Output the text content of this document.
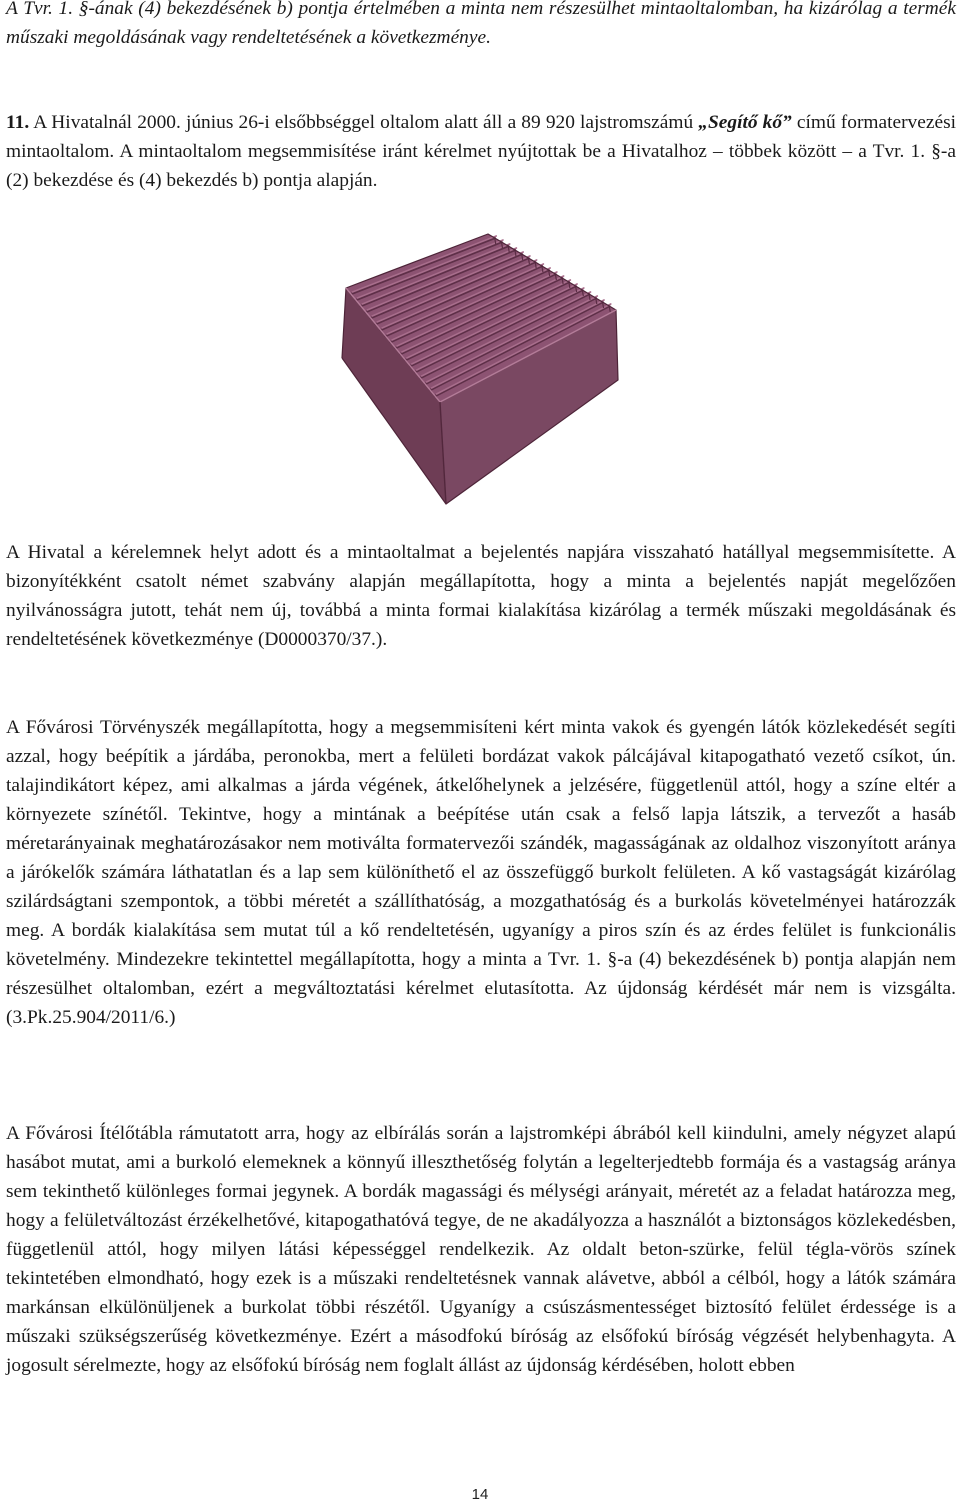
A Tvr. 1. §-ának (4) bekezdésének b) pontja értelmében a minta nem részesülhet mintaoltalomban, ha kizárólag a termék műszaki megoldásának vagy rendeltetésének a következménye.

11. A Hivatalnál 2000. június 26-i elsőbbséggel oltalom alatt áll a 89 920 lajstromszámú „Segítő kő” című formatervezési mintaoltalom. A mintaoltalom megsemmisítése iránt kérelmet nyújtottak be a Hivatalhoz – többek között – a Tvr. 1. §-a (2) bekezdése és (4) bekezdés b) pontja alapján.

A Hivatal a kérelemnek helyt adott és a mintaoltalmat a bejelentés napjára visszaható hatállyal megsemmisítette. A bizonyítékként csatolt német szabvány alapján megállapította, hogy a minta a bejelentés napját megelőzően nyilvánosságra jutott, tehát nem új, továbbá a minta formai kialakítása kizárólag a termék műszaki megoldásának és rendeltetésének következménye (D0000370/37.).

A Fővárosi Törvényszék megállapította, hogy a megsemmisíteni kért minta vakok és gyengén látók közlekedését segíti azzal, hogy beépítik a járdába, peronokba, mert a felületi bordázat vakok pálcájával kitapogatható vezető csíkot, ún. talajindikátort képez, ami alkalmas a járda végének, átkelőhelynek a jelzésére, függetlenül attól, hogy a színe eltér a környezete színétől. Tekintve, hogy a mintának a beépítése után csak a felső lapja látszik, a tervezőt a hasáb méretarányainak meghatározásakor nem motiválta formatervezői szándék, magasságának az oldalhoz viszonyított aránya a járókelők számára láthatatlan és a lap sem különíthető el az összefüggő burkolt felületen. A kő vastagságát kizárólag szilárdságtani szempontok, a többi méretét a szállíthatóság, a mozgathatóság és a burkolás követelményei határozzák meg. A bordák kialakítása sem mutat túl a kő rendeltetésén, ugyanígy a piros szín és az érdes felület is funkcionális követelmény. Mindezekre tekintettel megállapította, hogy a minta a Tvr. 1. §-a (4) bekezdésének b) pontja alapján nem részesülhet oltalomban, ezért a megváltoztatási kérelmet elutasította. Az újdonság kérdését már nem is vizsgálta. (3.Pk.25.904/2011/6.)

A Fővárosi Ítélőtábla rámutatott arra, hogy az elbírálás során a lajstromképi ábrából kell kiindulni, amely négyzet alapú hasábot mutat, ami a burkoló elemeknek a könnyű illeszthetőség folytán a legelterjedtebb formája és a vastagság aránya sem tekinthető különleges formai jegynek. A bordák magassági és mélységi arányait, méretét az a feladat határozza meg, hogy a felületváltozást érzékelhetővé, kitapogathatóvá tegye, de ne akadályozza a használót a biztonságos közlekedésben, függetlenül attól, hogy milyen látási képességgel rendelkezik. Az oldalt beton-szürke, felül tégla-vörös színek tekintetében elmondható, hogy ezek is a műszaki rendeltetésnek vannak alávetve, abból a célból, hogy a látók számára markánsan elkülönüljenek a burkolat többi részétől. Ugyanígy a csúszásmentességet biztosító felület érdessége is a műszaki szükségszerűség következménye. Ezért a másodfokú bíróság az elsőfokú bíróság végzését helybenhagyta. A jogosult sérelmezte, hogy az elsőfokú bíróság nem foglalt állást az újdonság kérdésében, holott ebben

14
